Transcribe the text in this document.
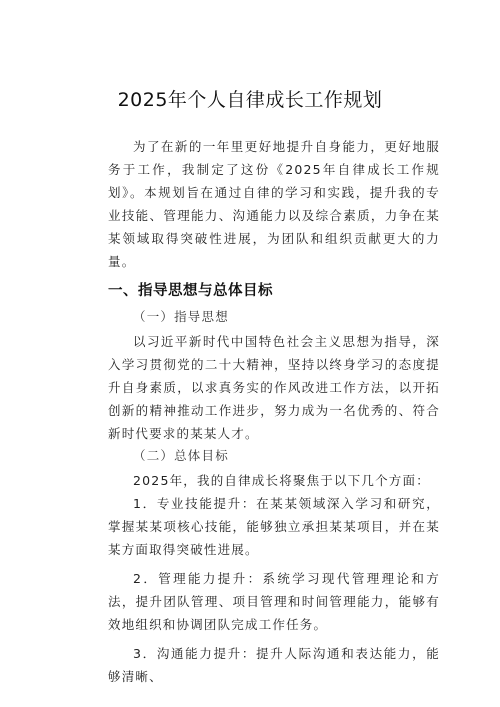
2025年个人自律成长工作规划

为了在新的一年里更好地提升自身能力，更好地服务于工作，我制定了这份《2025年自律成长工作规划》。本规划旨在通过自律的学习和实践，提升我的专业技能、管理能力、沟通能力以及综合素质，力争在某某领域取得突破性进展，为团队和组织贡献更大的力量。

一、指导思想与总体目标
（一）指导思想

以习近平新时代中国特色社会主义思想为指导，深入学习贯彻党的二十大精神，坚持以终身学习的态度提升自身素质，以求真务实的作风改进工作方法，以开拓创新的精神推动工作进步，努力成为一名优秀的、符合新时代要求的某某人才。

（二）总体目标

2025年，我的自律成长将聚焦于以下几个方面：

1．专业技能提升：在某某领域深入学习和研究，掌握某某项核心技能，能够独立承担某某项目，并在某某方面取得突破性进展。

2．管理能力提升：系统学习现代管理理论和方法，提升团队管理、项目管理和时间管理能力，能够有效地组织和协调团队完成工作任务。

3．沟通能力提升：提升人际沟通和表达能力，能够清晰、
